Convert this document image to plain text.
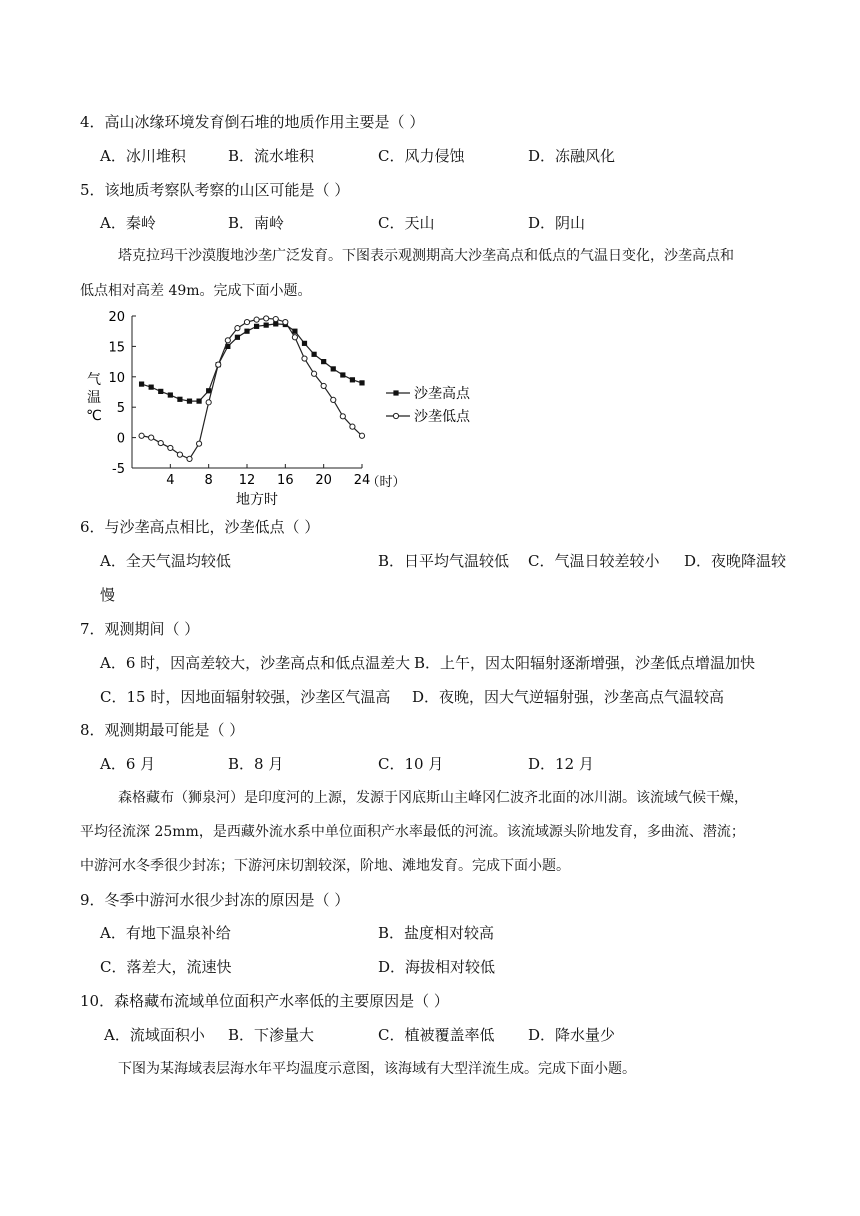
4．高山冰缘环境发育倒石堆的地质作用主要是（ ）
A．冰川堆积	B．流水堆积	C．风力侵蚀	D．冻融风化
5．该地质考察队考察的山区可能是（ ）
A．秦岭	B．南岭	C．天山	D．阴山
塔克拉玛干沙漠腹地沙垄广泛发育。下图表示观测期高大沙垄高点和低点的气温日变化，沙垄高点和
低点相对高差 49m。完成下面小题。
-5
0
5
10
15
20
4 8 12 16 20 24
气
温
℃
地方时
（时）
沙垄高点
沙垄低点
6．与沙垄高点相比，沙垄低点（ ）
A．全天气温均较低	B．日平均气温较低 C．气温日较差较小 D．夜晚降温较
慢
7．观测期间（ ）
A．6 时，因高差较大，沙垄高点和低点温差大 B．上午，因太阳辐射逐渐增强，沙垄低点增温加快
C．15 时，因地面辐射较强，沙垄区气温高 D．夜晚，因大气逆辐射强，沙垄高点气温较高
8．观测期最可能是（ ）
A．6 月	B．8 月	C．10 月	D．12 月
森格藏布（狮泉河）是印度河的上源，发源于冈底斯山主峰冈仁波齐北面的冰川湖。该流域气候干燥，
平均径流深 25mm，是西藏外流水系中单位面积产水率最低的河流。该流域源头阶地发育，多曲流、潜流；
中游河水冬季很少封冻；下游河床切割较深，阶地、滩地发育。完成下面小题。
9．冬季中游河水很少封冻的原因是（ ）
A．有地下温泉补给	B．盐度相对较高
C．落差大，流速快	D．海拔相对较低
10．森格藏布流域单位面积产水率低的主要原因是（ ）
A．流域面积小 B．下渗量大	C．植被覆盖率低 D．降水量少
下图为某海域表层海水年平均温度示意图，该海域有大型洋流生成。完成下面小题。
